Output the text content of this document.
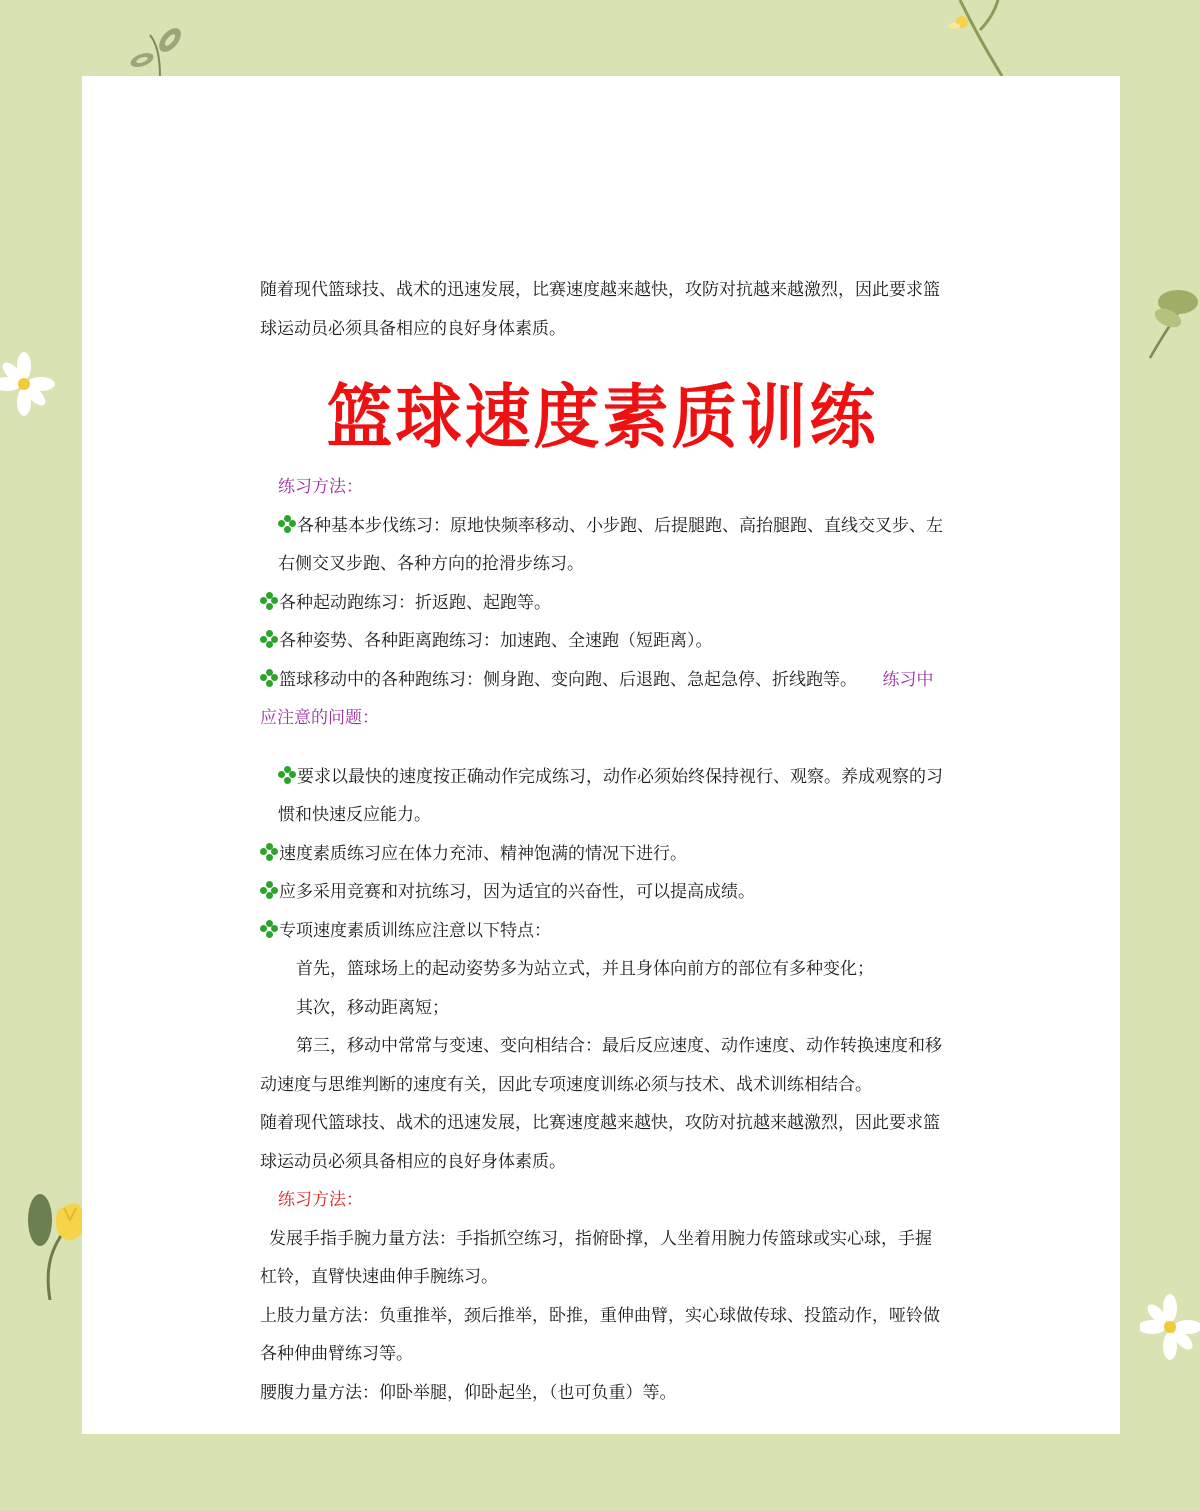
随着现代篮球技、战术的迅速发展，比赛速度越来越快，攻防对抗越来越激烈，因此要求篮球运动员必须具备相应的良好身体素质。

篮球速度素质训练

练习方法：

各种基本步伐练习：原地快频率移动、小步跑、后提腿跑、高抬腿跑、直线交叉步、左右侧交叉步跑、各种方向的抢滑步练习。

各种起动跑练习：折返跑、起跑等。

各种姿势、各种距离跑练习：加速跑、全速跑（短距离）。

篮球移动中的各种跑练习：侧身跑、变向跑、后退跑、急起急停、折线跑等。   练习中应注意的问题：

要求以最快的速度按正确动作完成练习，动作必须始终保持视行、观察。养成观察的习惯和快速反应能力。

速度素质练习应在体力充沛、精神饱满的情况下进行。

应多采用竞赛和对抗练习，因为适宜的兴奋性，可以提高成绩。

专项速度素质训练应注意以下特点：

首先，篮球场上的起动姿势多为站立式，并且身体向前方的部位有多种变化；

其次，移动距离短；

第三，移动中常常与变速、变向相结合：最后反应速度、动作速度、动作转换速度和移动速度与思维判断的速度有关，因此专项速度训练必须与技术、战术训练相结合。

随着现代篮球技、战术的迅速发展，比赛速度越来越快，攻防对抗越来越激烈，因此要求篮球运动员必须具备相应的良好身体素质。

练习方法：

发展手指手腕力量方法：手指抓空练习，指俯卧撑，人坐着用腕力传篮球或实心球，手握杠铃，直臂快速曲伸手腕练习。

上肢力量方法：负重推举，颈后推举，卧推，重伸曲臂，实心球做传球、投篮动作，哑铃做各种伸曲臂练习等。

腰腹力量方法：仰卧举腿，仰卧起坐，（也可负重）等。
